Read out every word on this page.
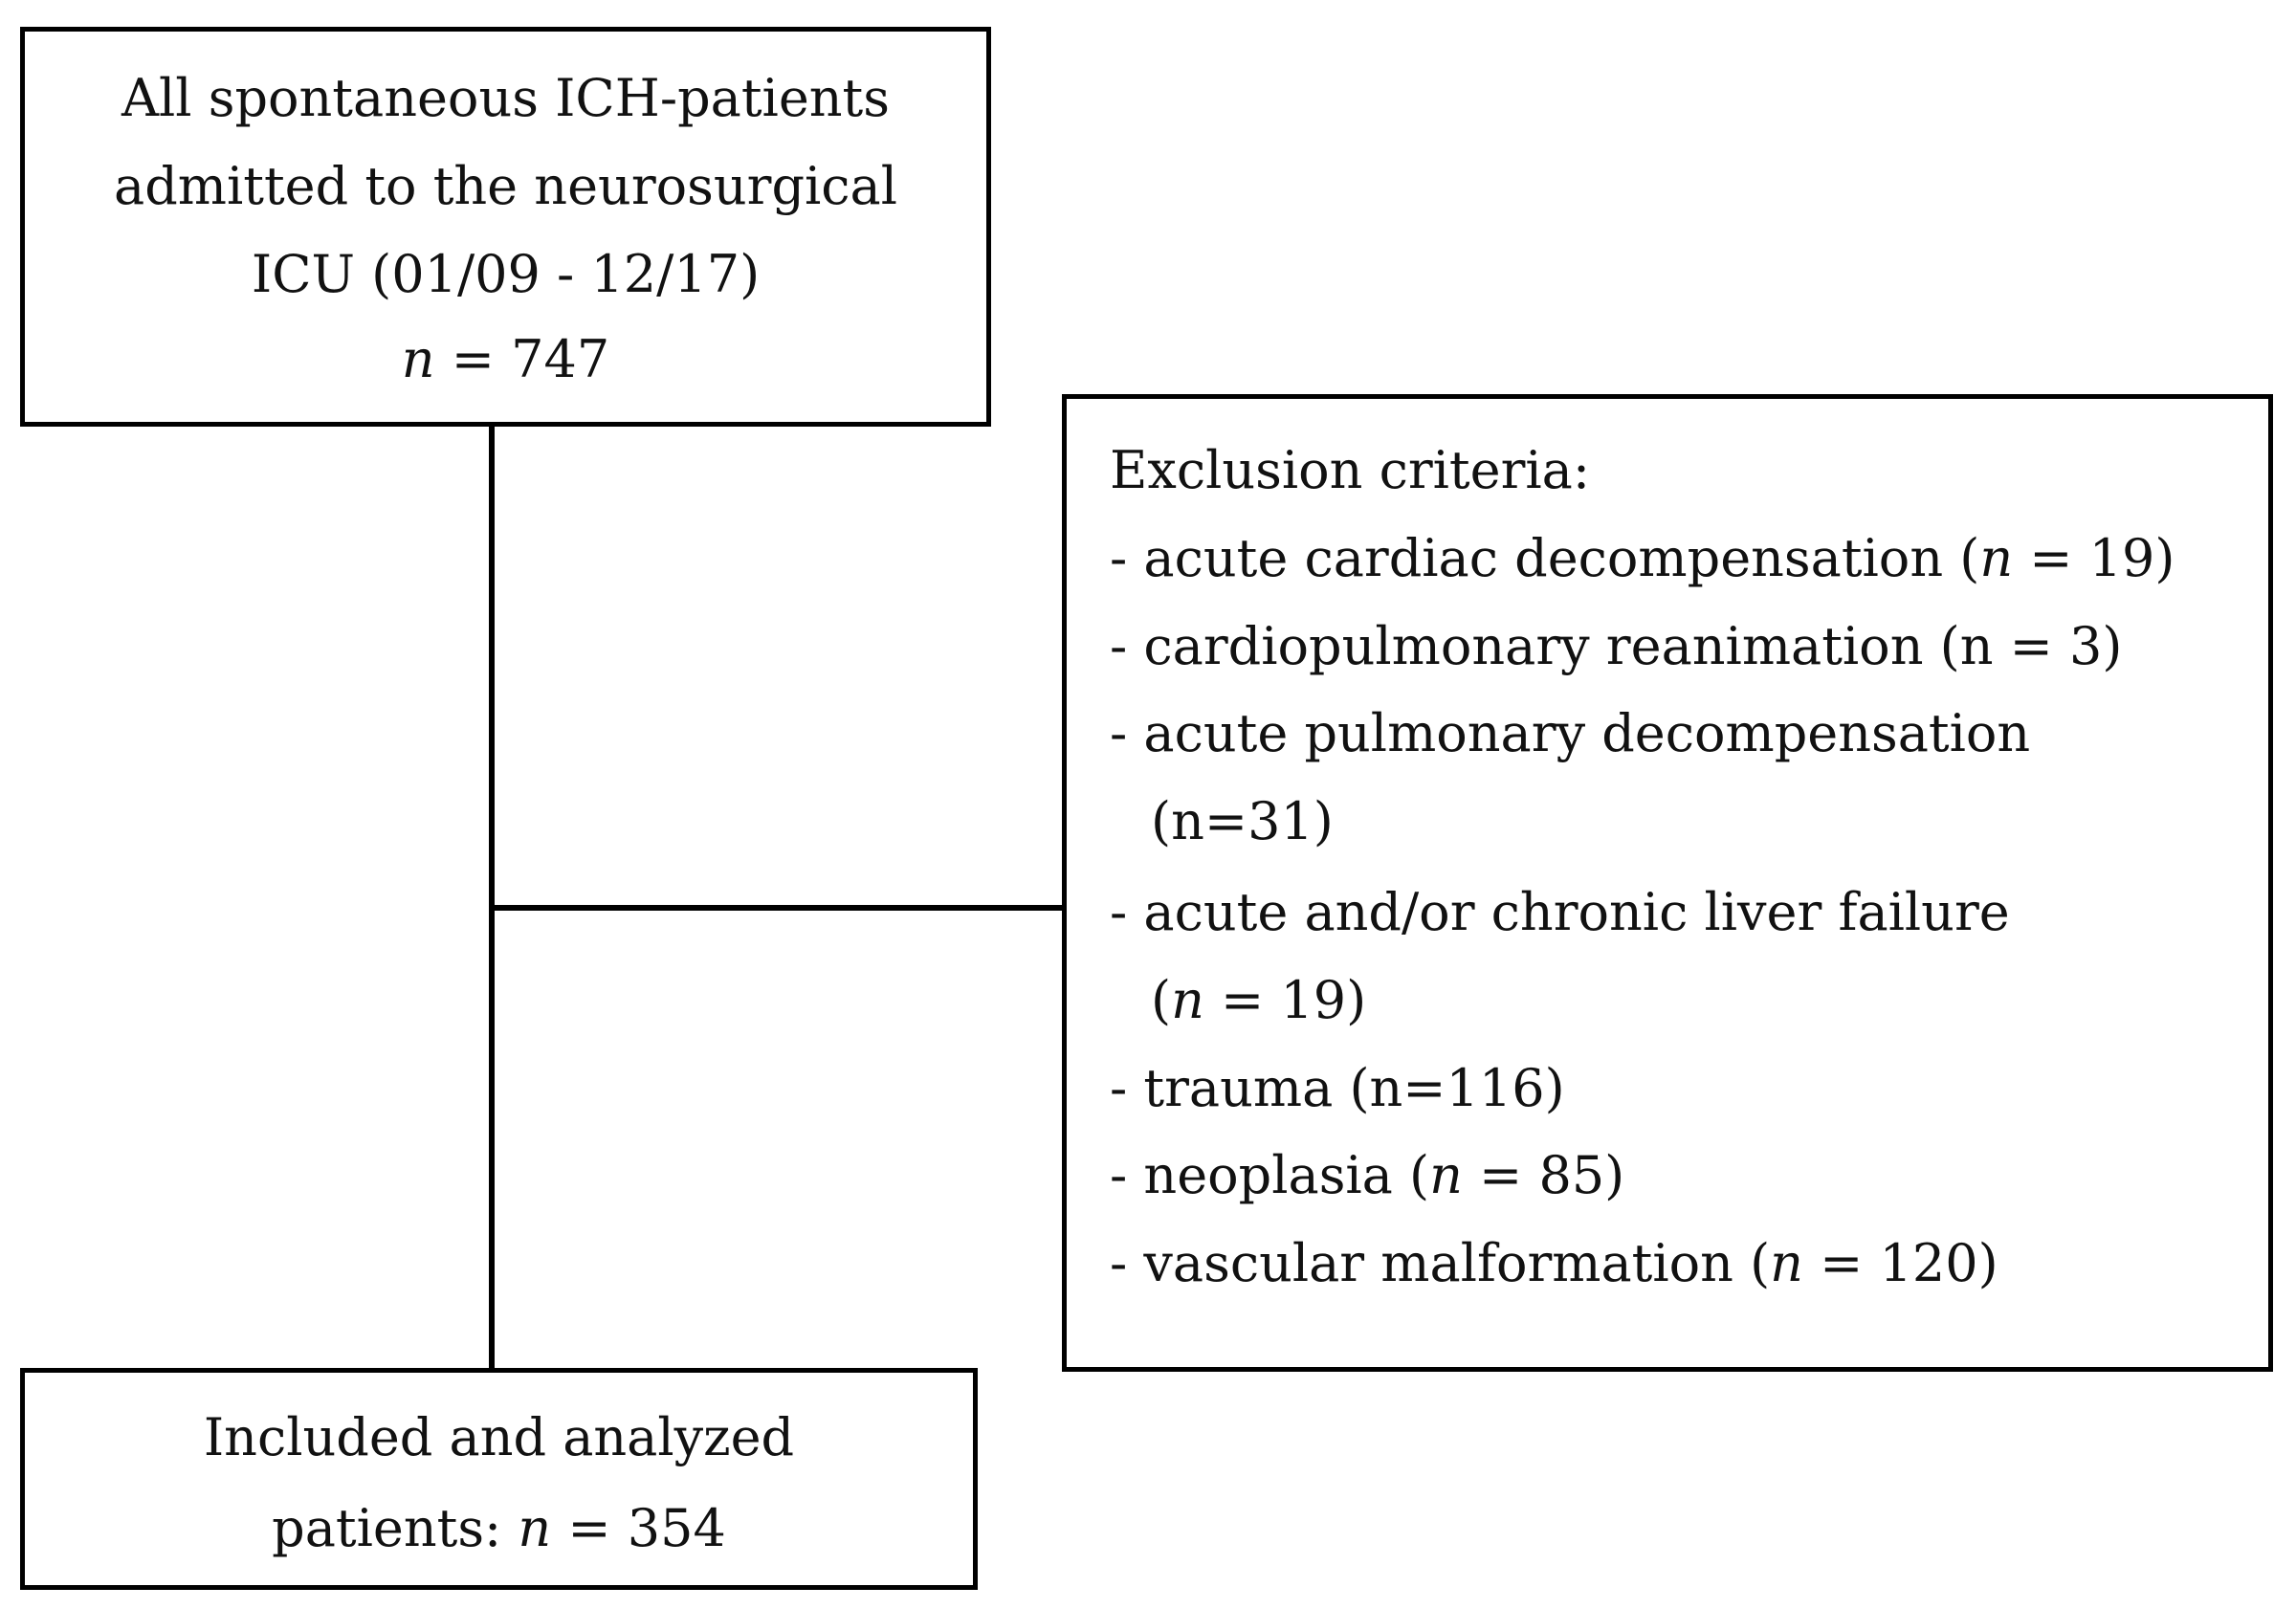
All spontaneous ICH-patients
admitted to the neurosurgical
ICU (01/09 - 12/17)
n = 747
Exclusion criteria:
- acute cardiac decompensation (n = 19)
- cardiopulmonary reanimation (n = 3)
- acute pulmonary decompensation
(n=31)
- acute and/or chronic liver failure
(n = 19)
- trauma (n=116)
- neoplasia (n = 85)
- vascular malformation (n = 120)
Included and analyzed
patients: n = 354
